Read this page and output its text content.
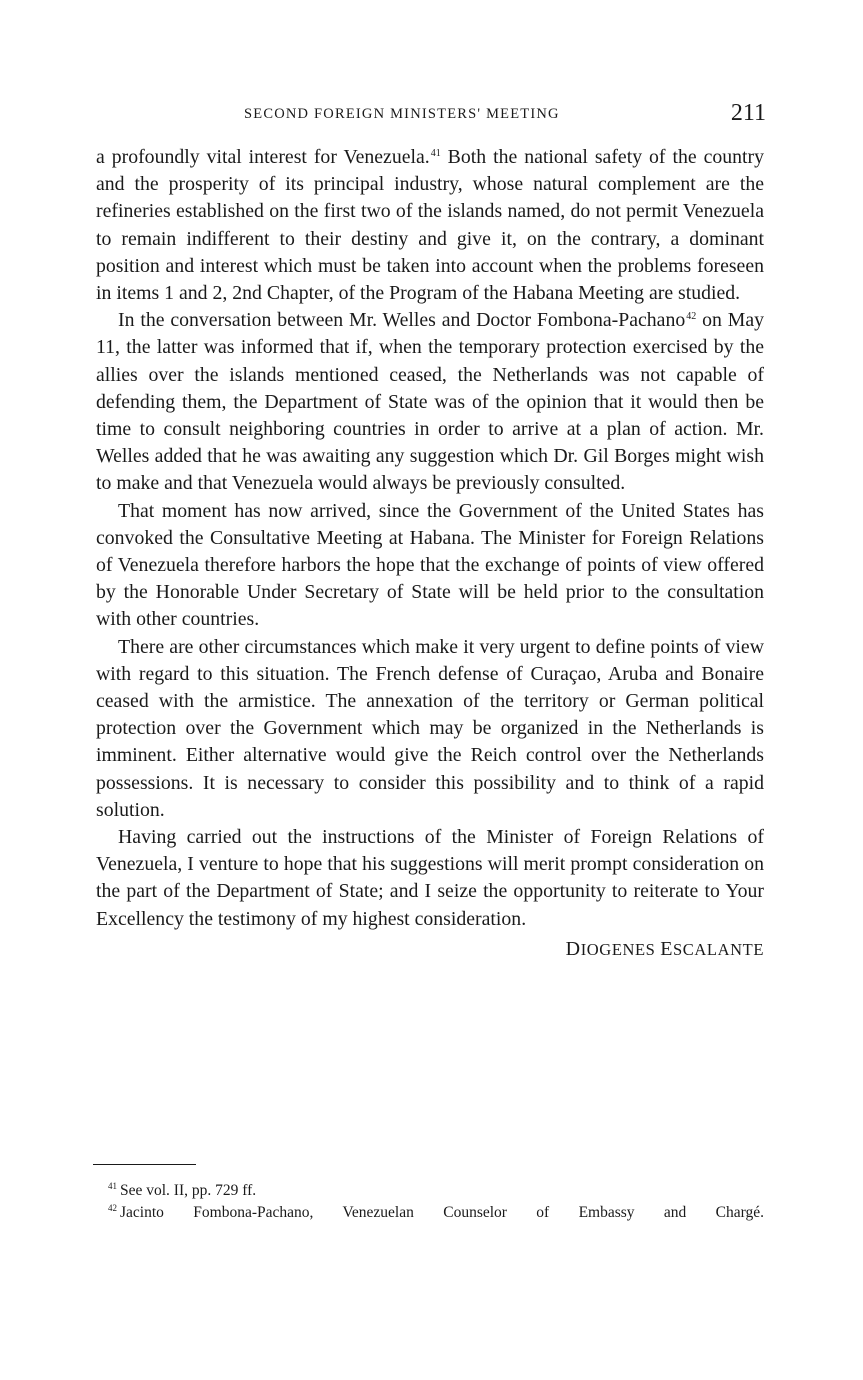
SECOND FOREIGN MINISTERS' MEETING	211

a profoundly vital interest for Venezuela.$^{41}$ Both the national safety of the country and the prosperity of its principal industry, whose natural complement are the refineries established on the first two of the islands named, do not permit Venezuela to remain indifferent to their destiny and give it, on the contrary, a dominant position and interest which must be taken into account when the problems foreseen in items 1 and 2, 2nd Chapter, of the Program of the Habana Meeting are studied.

In the conversation between Mr. Welles and Doctor Fombona-Pachano$^{42}$ on May 11, the latter was informed that if, when the temporary protection exercised by the allies over the islands mentioned ceased, the Netherlands was not capable of defending them, the Department of State was of the opinion that it would then be time to consult neighboring countries in order to arrive at a plan of action. Mr. Welles added that he was awaiting any suggestion which Dr. Gil Borges might wish to make and that Venezuela would always be previously consulted.

That moment has now arrived, since the Government of the United States has convoked the Consultative Meeting at Habana. The Minister for Foreign Relations of Venezuela therefore harbors the hope that the exchange of points of view offered by the Honorable Under Secretary of State will be held prior to the consultation with other countries.

There are other circumstances which make it very urgent to define points of view with regard to this situation. The French defense of Curaçao, Aruba and Bonaire ceased with the armistice. The annexation of the territory or German political protection over the Government which may be organized in the Netherlands is imminent. Either alternative would give the Reich control over the Netherlands possessions. It is necessary to consider this possibility and to think of a rapid solution.

Having carried out the instructions of the Minister of Foreign Relations of Venezuela, I venture to hope that his suggestions will merit prompt consideration on the part of the Department of State; and I seize the opportunity to reiterate to Your Excellency the testimony of my highest consideration.

DIOGENES ESCALANTE
$^{41}$ See vol. II, pp. 729 ff.
$^{42}$ Jacinto Fombona-Pachano, Venezuelan Counselor of Embassy and Chargé.
